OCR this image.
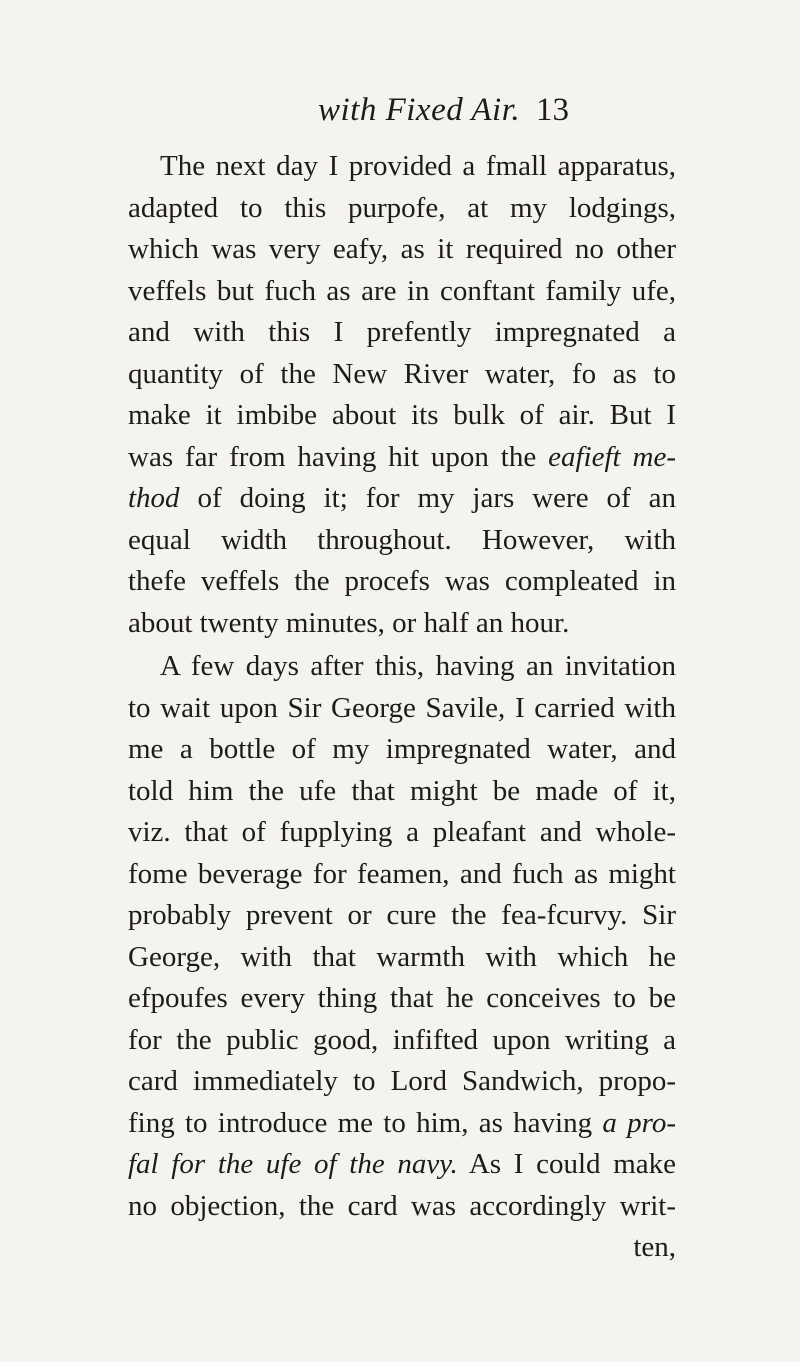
with Fixed Air. 13
The next day I provided a fmall apparatus,
adapted to this purpofe, at my lodgings,
which was very eafy, as it required no other
veffels but fuch as are in conftant family ufe,
and with this I prefently impregnated a
quantity of the New River water, fo as to
make it imbibe about its bulk of air. But I
was far from having hit upon the eafieft me-
thod of doing it; for my jars were of an
equal width throughout. However, with
thefe veffels the procefs was compleated in
about twenty minutes, or half an hour.
A few days after this, having an invitation
to wait upon Sir George Savile, I carried with
me a bottle of my impregnated water, and
told him the ufe that might be made of it,
viz. that of fupplying a pleafant and whole-
fome beverage for feamen, and fuch as might
probably prevent or cure the fea-fcurvy. Sir
George, with that warmth with which he
efpoufes every thing that he conceives to be
for the public good, infifted upon writing a
card immediately to Lord Sandwich, propo-
fing to introduce me to him, as having a pro-
fal for the ufe of the navy. As I could make
no objection, the card was accordingly writ-
ten,
